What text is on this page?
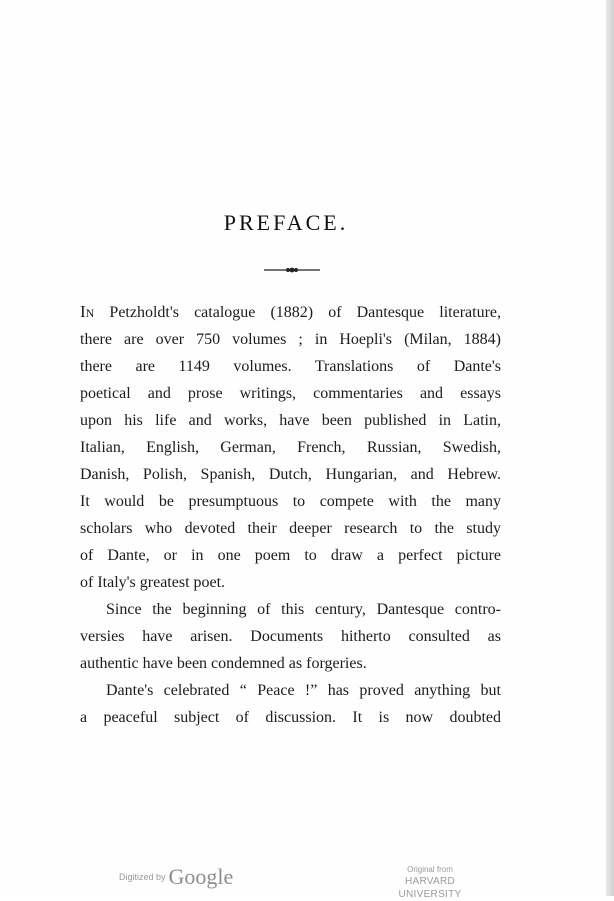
PREFACE.
In Petzholdt's catalogue (1882) of Dantesque literature,
there are over 750 volumes ; in Hoepli's (Milan, 1884)
there are 1149 volumes. Translations of Dante's
poetical and prose writings, commentaries and essays
upon his life and works, have been published in Latin,
Italian, English, German, French, Russian, Swedish,
Danish, Polish, Spanish, Dutch, Hungarian, and Hebrew.
It would be presumptuous to compete with the many
scholars who devoted their deeper research to the study
of Dante, or in one poem to draw a perfect picture
of Italy's greatest poet.
Since the beginning of this century, Dantesque contro-
versies have arisen. Documents hitherto consulted as
authentic have been condemned as forgeries.
Dante's celebrated “ Peace !” has proved anything but
a peaceful subject of discussion. It is now doubted
Digitized by Google	Original from
HARVARD UNIVERSITY
